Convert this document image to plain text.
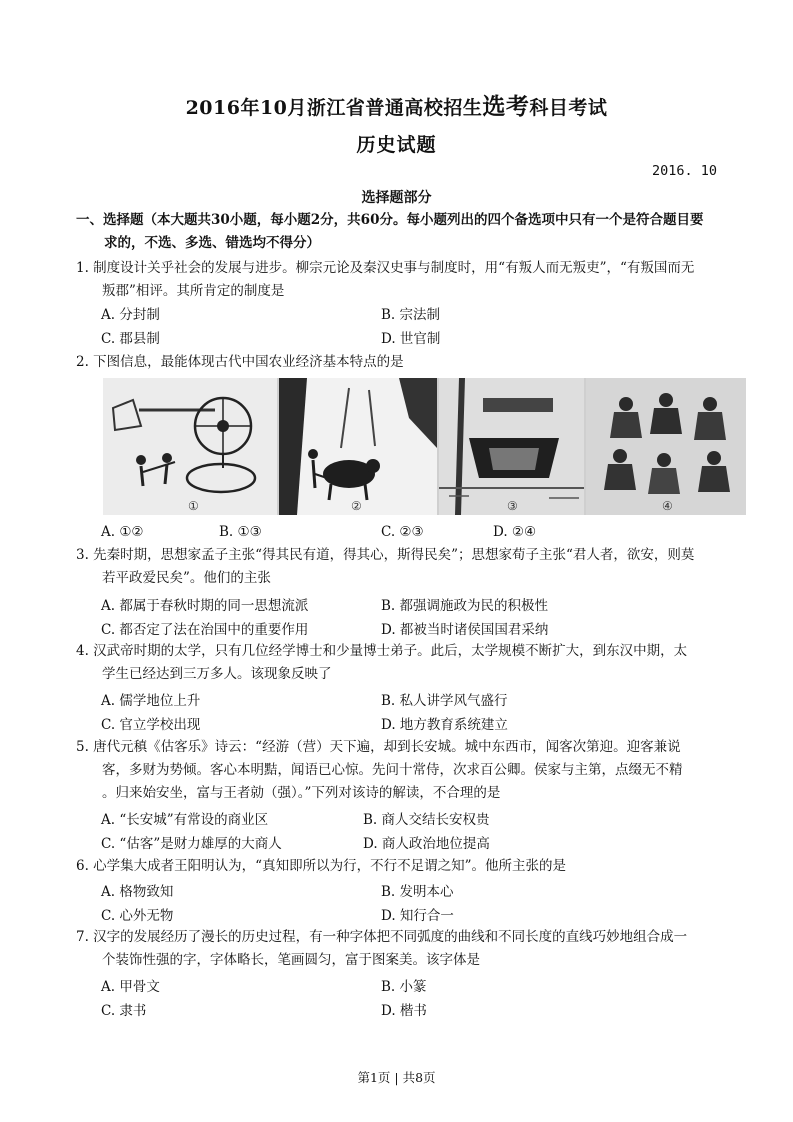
2016年10月浙江省普通高校招生选考科目考试
历史试题
2016. 10
选择题部分
一、选择题（本大题共30小题，每小题2分，共60分。每小题列出的四个备选项中只有一个是符合题目要
求的，不选、多选、错选均不得分）
1. 制度设计关乎社会的发展与进步。柳宗元论及秦汉史事与制度时，用“有叛人而无叛吏”，“有叛国而无
叛郡”相评。其所肯定的制度是
A. 分封制	B. 宗法制
C. 郡县制	D. 世官制
2. 下图信息，最能体现古代中国农业经济基本特点的是
①	②	③	④
A. ①②	B. ①③	C. ②③	D. ②④
3. 先秦时期，思想家孟子主张“得其民有道，得其心，斯得民矣”；思想家荀子主张“君人者，欲安，则莫
若平政爱民矣”。他们的主张
A. 都属于春秋时期的同一思想流派	B. 都强调施政为民的积极性
C. 都否定了法在治国中的重要作用	D. 都被当时诸侯国国君采纳
4. 汉武帝时期的太学，只有几位经学博士和少量博士弟子。此后，太学规模不断扩大，到东汉中期，太
学生已经达到三万多人。该现象反映了
A. 儒学地位上升	B. 私人讲学风气盛行
C. 官立学校出现	D. 地方教育系统建立
5. 唐代元稹《估客乐》诗云：“经游（营）天下遍，却到长安城。城中东西市，闻客次第迎。迎客兼说
客，多财为势倾。客心本明黠，闻语已心惊。先问十常侍，次求百公卿。侯家与主第，点缀无不精
。归来始安坐，富与王者勍（强）。”下列对该诗的解读，不合理的是
A. “长安城”有常设的商业区	B. 商人交结长安权贵
C. “估客”是财力雄厚的大商人	D. 商人政治地位提高
6. 心学集大成者王阳明认为，“真知即所以为行，不行不足谓之知”。他所主张的是
A. 格物致知	B. 发明本心
C. 心外无物	D. 知行合一
7. 汉字的发展经历了漫长的历史过程，有一种字体把不同弧度的曲线和不同长度的直线巧妙地组合成一
个装饰性强的字，字体略长，笔画圆匀，富于图案美。该字体是
A. 甲骨文	B. 小篆
C. 隶书	D. 楷书
第1页 | 共8页
